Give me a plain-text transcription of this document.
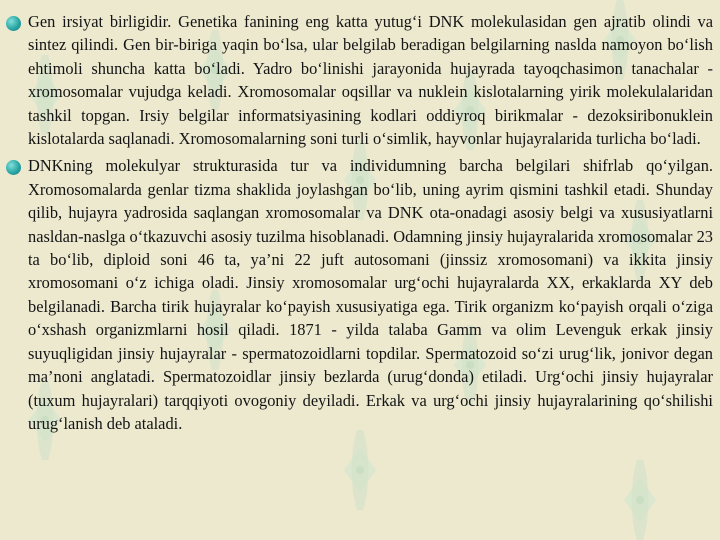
Gen irsiyat birligidir. Genetika fanining eng katta yutug‘i DNK molekulasidan gen ajratib olindi va sintez qilindi. Gen bir-biriga yaqin bo‘lsa, ular belgilab beradigan belgilarning naslda namoyon bo‘lish ehtimoli shuncha katta bo‘ladi. Yadro bo‘linishi jarayonida hujayrada tayoqchasimon tanachalar - xromosomalar vujudga keladi. Xromosomalar oqsillar va nuklein kislotalarning yirik molekulalaridan tashkil topgan. Irsiy belgilar informatsiyasining kodlari oddiyroq birikmalar - dezoksiribonuklein kislotalarda saqlanadi. Xromosomalarning soni turli o‘simlik, hayvonlar hujayralarida turlicha bo‘ladi.

DNKning molekulyar strukturasida tur va individumning barcha belgilari shifrlab qo‘yilgan. Xromosomalarda genlar tizma shaklida joylashgan bo‘lib, uning ayrim qismini tashkil etadi. Shunday qilib, hujayra yadrosida saqlangan xromosomalar va DNK ota-onadagi asosiy belgi va xususiyatlarni nasldan-naslga o‘tkazuvchi asosiy tuzilma hisoblanadi. Odamning jinsiy hujayralarida xromosomalar 23 ta bo‘lib, diploid soni 46 ta, ya’ni 22 juft autosomani (jinssiz xromosomani) va ikkita jinsiy xromosomani o‘z ichiga oladi. Jinsiy xromosomalar urg‘ochi hujayralarda XX, erkaklarda XY deb belgilanadi. Barcha tirik hujayralar ko‘payish xususiyatiga ega. Tirik organizm ko‘payish orqali o‘ziga o‘xshash organizmlarni hosil qiladi. 1871 - yilda talaba Gamm va olim Levenguk erkak jinsiy suyuqligidan jinsiy hujayralar - spermatozoidlarni topdilar. Spermatozoid so‘zi urug‘lik, jonivor degan ma’noni anglatadi. Spermatozoidlar jinsiy bezlarda (urug‘donda) etiladi. Urg‘ochi jinsiy hujayralar (tuxum hujayralari) tarqqiyoti ovogoniy deyiladi. Erkak va urg‘ochi jinsiy hujayralarining qo‘shilishi urug‘lanish deb ataladi.
